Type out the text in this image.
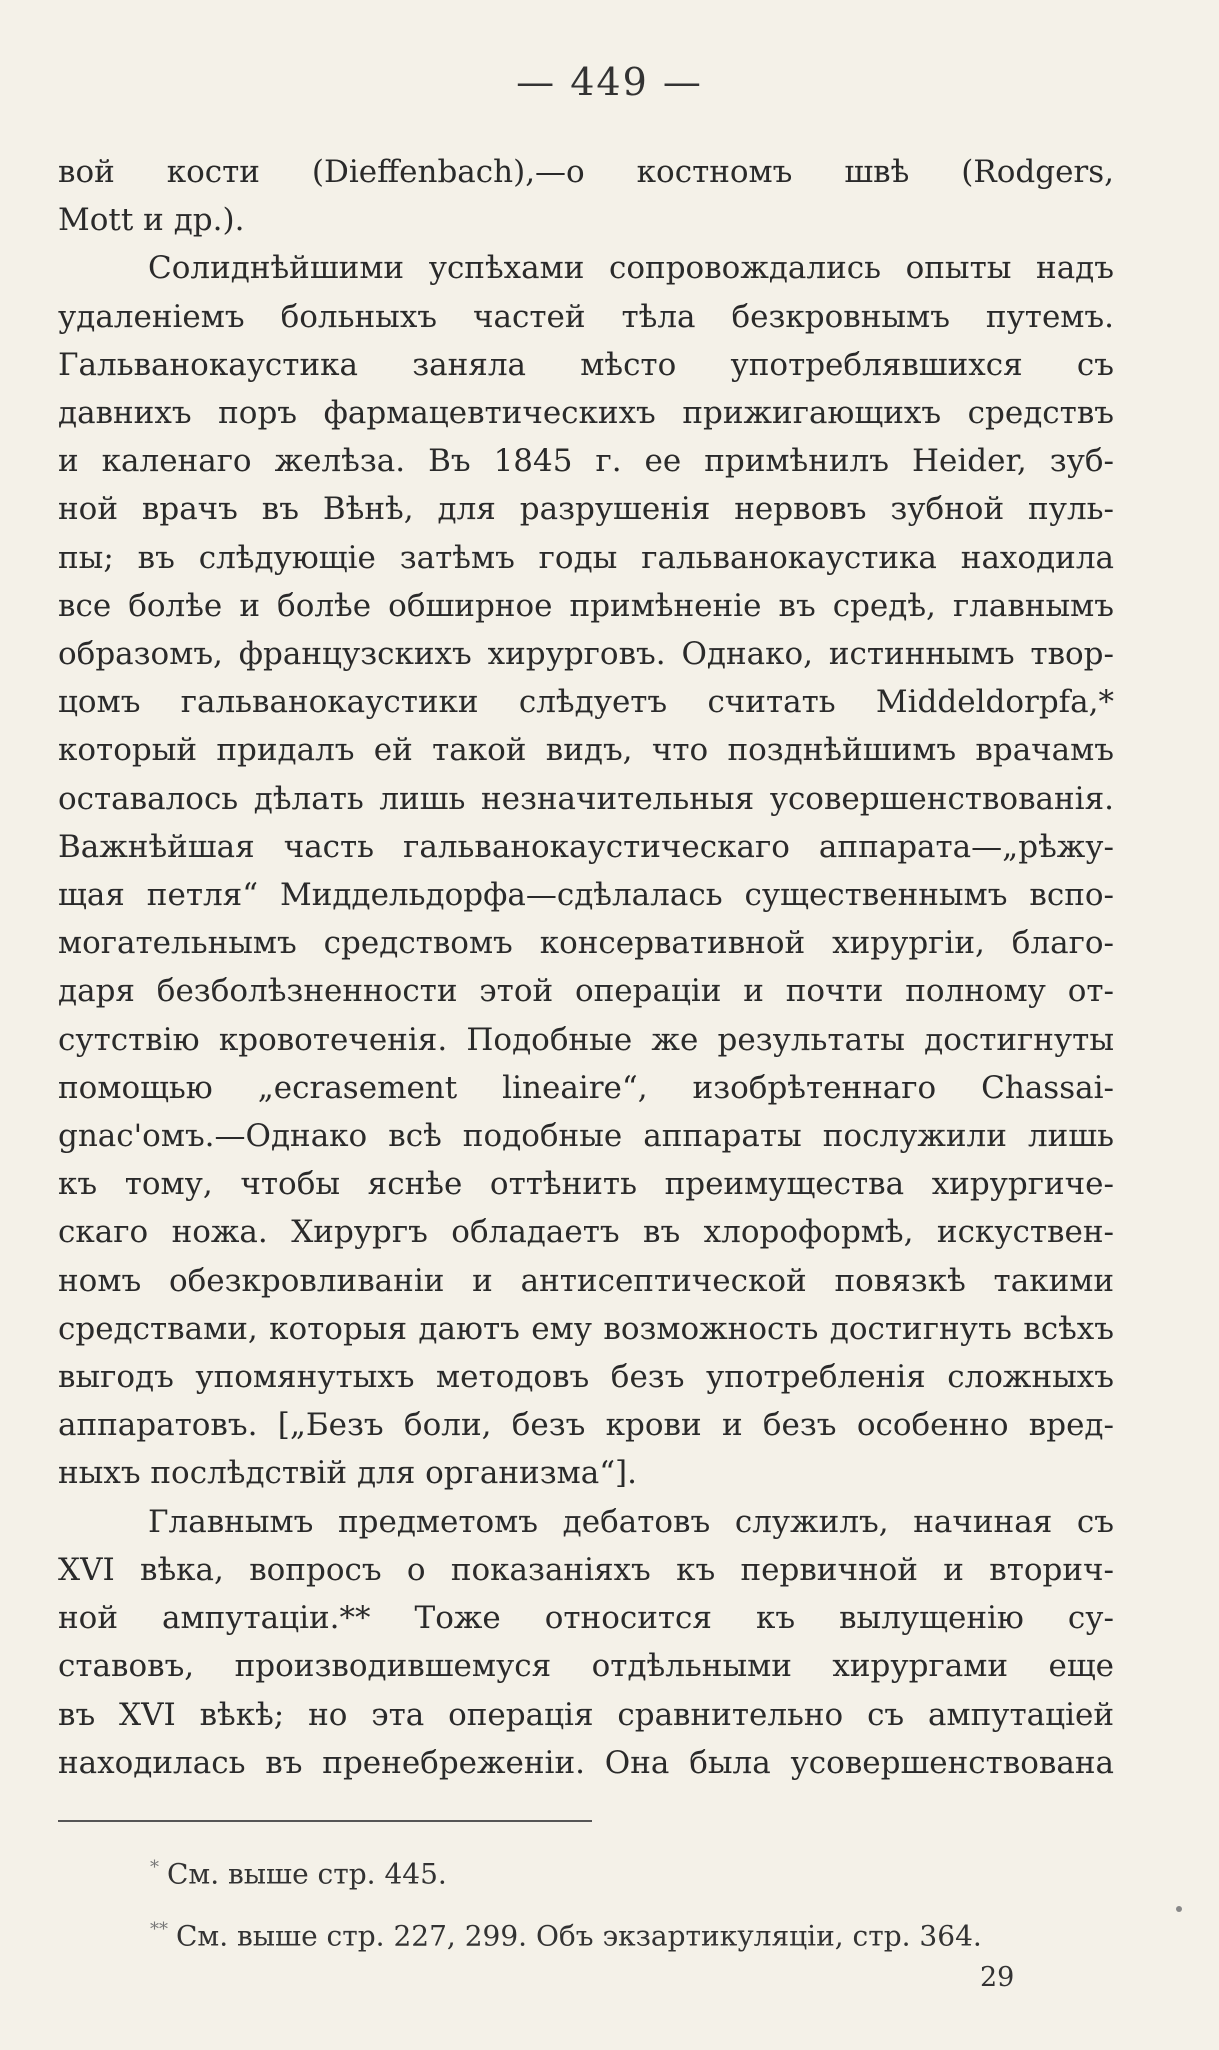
— 449 —
вой кости (Dieffenbach),—о костномъ швѣ (Rodgers,
Mott и др.).
Солиднѣйшими успѣхами сопровождались опыты надъ
удаленіемъ больныхъ частей тѣла безкровнымъ путемъ.
Гальванокаустика заняла мѣсто употреблявшихся съ
давнихъ поръ фармацевтическихъ прижигающихъ средствъ
и каленаго желѣза. Въ 1845 г. ее примѣнилъ Heider, зуб-
ной врачъ въ Вѣнѣ, для разрушенія нервовъ зубной пуль-
пы; въ слѣдующіе затѣмъ годы гальванокаустика находила
все болѣе и болѣе обширное примѣненіе въ средѣ, главнымъ
образомъ, французскихъ хирурговъ. Однако, истиннымъ твор-
цомъ гальванокаустики слѣдуетъ считать Middeldorpfa,*
который придалъ ей такой видъ, что позднѣйшимъ врачамъ
оставалось дѣлать лишь незначительныя усовершенствованія.
Важнѣйшая часть гальванокаустическаго аппарата—„рѣжу-
щая петля“ Миддельдорфа—сдѣлалась существеннымъ вспо-
могательнымъ средствомъ консервативной хирургіи, благо-
даря безболѣзненности этой операціи и почти полному от-
сутствію кровотеченія. Подобные же результаты достигнуты
помощью „ecrasement lineaire“, изобрѣтеннаго Chassai-
gnac'омъ.—Однако всѣ подобные аппараты послужили лишь
къ тому, чтобы яснѣе оттѣнить преимущества хирургиче-
скаго ножа. Хирургъ обладаетъ въ хлороформѣ, искуствен-
номъ обезкровливаніи и антисептической повязкѣ такими
средствами, которыя даютъ ему возможность достигнуть всѣхъ
выгодъ упомянутыхъ методовъ безъ употребленія сложныхъ
аппаратовъ. [„Безъ боли, безъ крови и безъ особенно вред-
ныхъ послѣдствій для организма“].
Главнымъ предметомъ дебатовъ служилъ, начиная съ
XVI вѣка, вопросъ о показаніяхъ къ первичной и вторич-
ной ампутаціи.** Тоже относится къ вылущенію су-
ставовъ, производившемуся отдѣльными хирургами еще
въ XVI вѣкѣ; но эта операція сравнительно съ ампутаціей
находилась въ пренебреженіи. Она была усовершенствована
* См. выше стр. 445.
** См. выше стр. 227, 299. Объ экзартикуляціи, стр. 364.
29
